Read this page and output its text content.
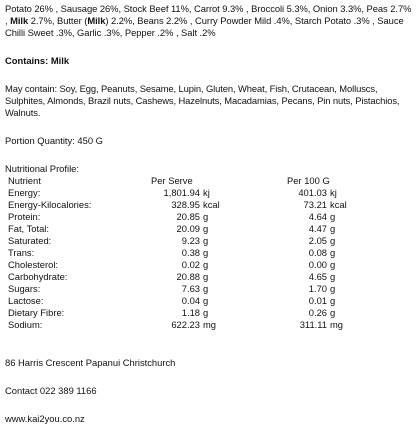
Potato 26% , Sausage 26%, Stock Beef 11%, Carrot 9.3% , Broccoli 5.3%, Onion 3.3%, Peas 2.7% , Milk 2.7%, Butter (Milk) 2.2%, Beans 2.2% , Curry Powder Mild .4%, Starch Potato .3% , Sauce Chilli Sweet .3%, Garlic .3%, Pepper .2% , Salt .2%

Contains: Milk
May contain: Soy, Egg, Peanuts, Sesame, Lupin, Gluten, Wheat, Fish, Crutacean, Molluscs, Sulphites, Almonds, Brazil nuts, Cashews, Hazelnuts, Macadamias, Pecans, Pin nuts, Pistachios, Walnuts.
Portion Quantity: 450 G
Nutritional Profile:
Nutrient	Per Serve		Per 100 G	
Energy:	1,801.94	kj	401.03	kj
Energy-Kilocalories:	328.95	kcal	73.21	kcal
Protein:	20.85	g	4.64	g
Fat, Total:	20.09	g	4.47	g
Saturated:	9.23	g	2.05	g
Trans:	0.38	g	0.08	g
Cholesterol:	0.02	g	0.00	g
Carbohydrate:	20.88	g	4.65	g
Sugars:	7.63	g	1.70	g
Lactose:	0.04	g	0.01	g
Dietary Fibre:	1.18	g	0.26	g
Sodium:	622.23	mg	311.11	mg
86 Harris Crescent Papanui Christchurch
Contact 022 389 1166
www.kai2you.co.nz
